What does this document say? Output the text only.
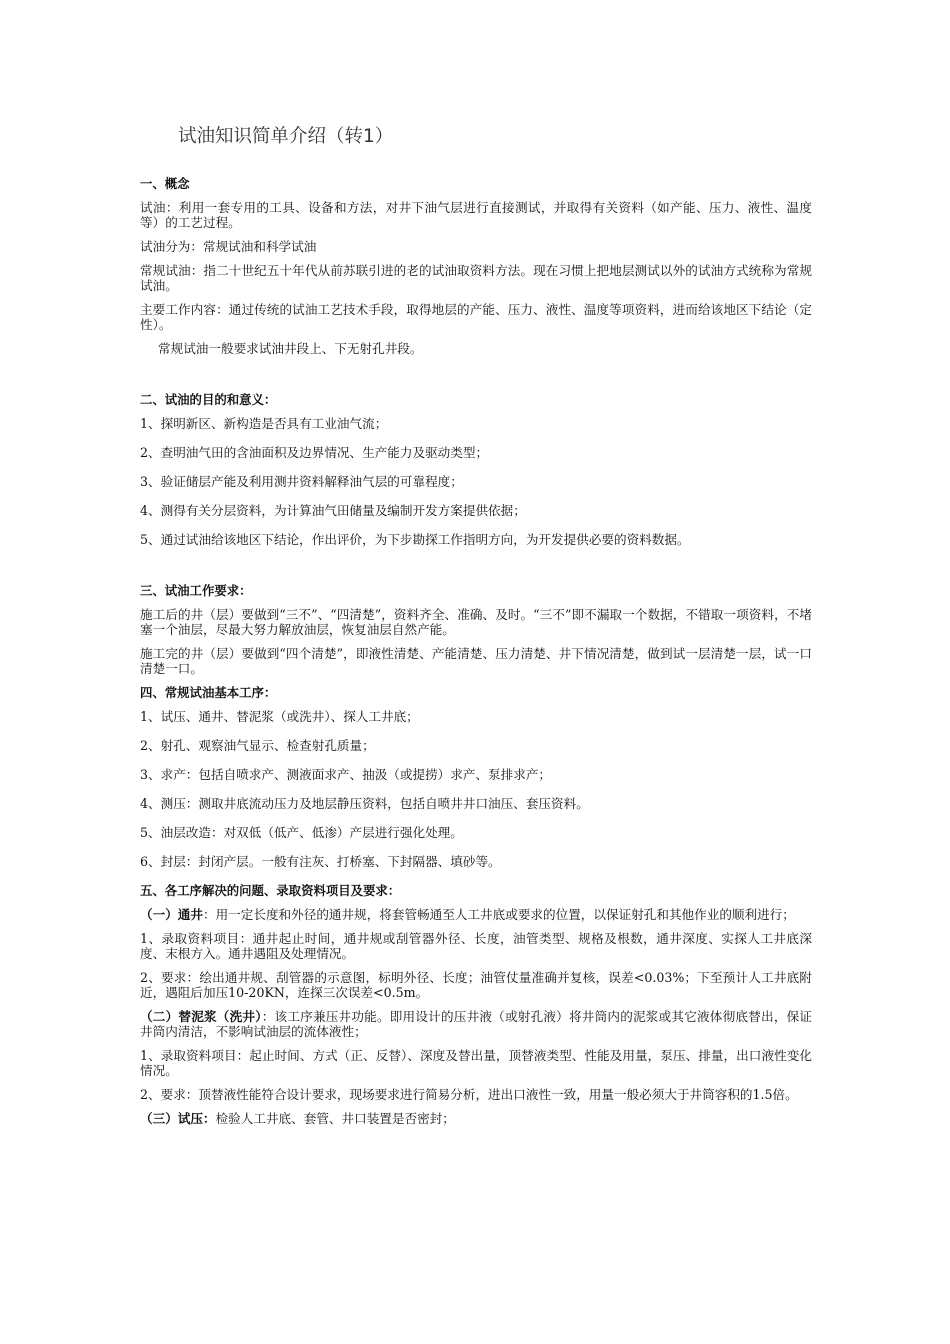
试油知识简单介绍（转1）
一、概念

试油：利用一套专用的工具、设备和方法，对井下油气层进行直接测试，并取得有关资料（如产能、压力、液性、温度等）的工艺过程。

试油分为：常规试油和科学试油

常规试油：指二十世纪五十年代从前苏联引进的老的试油取资料方法。现在习惯上把地层测试以外的试油方式统称为常规试油。

主要工作内容：通过传统的试油工艺技术手段，取得地层的产能、压力、液性、温度等项资料，进而给该地区下结论（定性）。

常规试油一般要求试油井段上、下无射孔井段。

二、试油的目的和意义：

1、探明新区、新构造是否具有工业油气流；

2、查明油气田的含油面积及边界情况、生产能力及驱动类型；

3、验证储层产能及利用测井资料解释油气层的可靠程度；

4、测得有关分层资料，为计算油气田储量及编制开发方案提供依据；

5、通过试油给该地区下结论，作出评价，为下步勘探工作指明方向，为开发提供必要的资料数据。

三、试油工作要求：

施工后的井（层）要做到“三不”、“四清楚”，资料齐全、准确、及时。“三不”即不漏取一个数据，不错取一项资料，不堵塞一个油层，尽最大努力解放油层，恢复油层自然产能。

施工完的井（层）要做到“四个清楚”，即液性清楚、产能清楚、压力清楚、井下情况清楚，做到试一层清楚一层，试一口清楚一口。

四、常规试油基本工序：

1、试压、通井、替泥浆（或洗井）、探人工井底；

2、射孔、观察油气显示、检查射孔质量；

3、求产：包括自喷求产、测液面求产、抽汲（或提捞）求产、泵排求产；

4、测压：测取井底流动压力及地层静压资料，包括自喷井井口油压、套压资料。

5、油层改造：对双低（低产、低渗）产层进行强化处理。

6、封层：封闭产层。一般有注灰、打桥塞、下封隔器、填砂等。

五、各工序解决的问题、录取资料项目及要求：

（一）通井：用一定长度和外径的通井规，将套管畅通至人工井底或要求的位置，以保证射孔和其他作业的顺利进行；

1、录取资料项目：通井起止时间，通井规或刮管器外径、长度，油管类型、规格及根数，通井深度、实探人工井底深度、末根方入。通井遇阻及处理情况。

2、要求：绘出通井规、刮管器的示意图，标明外径、长度；油管仗量准确并复核，误差<0.03%；下至预计人工井底附近，遇阻后加压10-20KN，连探三次误差<0.5m。

（二）替泥浆（洗井）：该工序兼压井功能。即用设计的压井液（或射孔液）将井筒内的泥浆或其它液体彻底替出，保证井筒内清洁，不影响试油层的流体液性；

1、录取资料项目：起止时间、方式（正、反替）、深度及替出量，顶替液类型、性能及用量，泵压、排量，出口液性变化情况。

2、要求：顶替液性能符合设计要求，现场要求进行简易分析，进出口液性一致，用量一般必须大于井筒容积的1.5倍。

（三）试压：检验人工井底、套管、井口装置是否密封；
